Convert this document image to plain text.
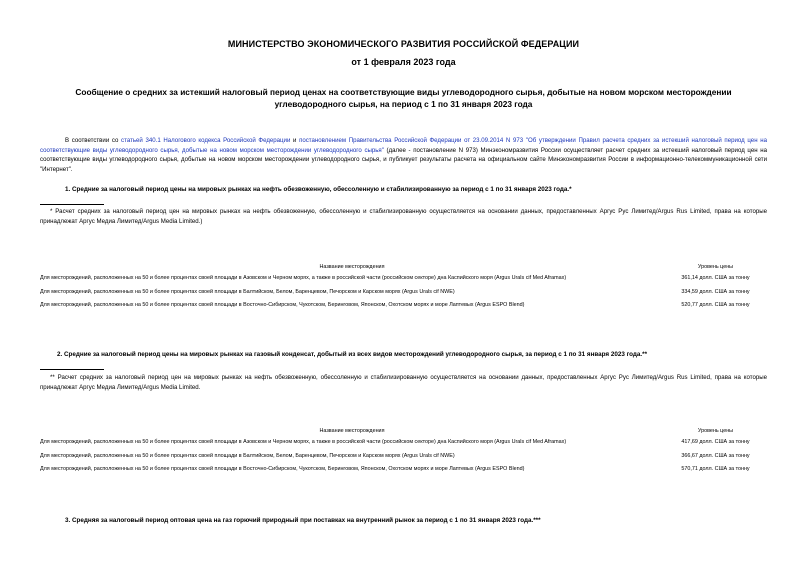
МИНИСТЕРСТВО ЭКОНОМИЧЕСКОГО РАЗВИТИЯ РОССИЙСКОЙ ФЕДЕРАЦИИ
от 1 февраля 2023 года
Сообщение о средних за истекший налоговый период ценах на соответствующие виды углеводородного сырья, добытые на новом морском месторождении углеводородного сырья, на период с 1 по 31 января 2023 года
В соответствии со статьей 340.1 Налогового кодекса Российской Федерации и постановлением Правительства Российской Федерации от 23.09.2014 N 973 "Об утверждении Правил расчета средних за истекший налоговый период цен на соответствующие виды углеводородного сырья, добытые на новом морском месторождении углеводородного сырья" (далее - постановление N 973) Минэкономразвития России осуществляет расчет средних за истекший налоговый период цен на соответствующие виды углеводородного сырья, добытые на новом морском месторождении углеводородного сырья, и публикует результаты расчета на официальном сайте Минэкономразвития России в информационно-телекоммуникационной сети "Интернет".
1. Средние за налоговый период цены на мировых рынках на нефть обезвоженную, обессоленную и стабилизированную за период с 1 по 31 января 2023 года.*
* Расчет средних за налоговый период цен на мировых рынках на нефть обезвоженную, обессоленную и стабилизированную осуществляется на основании данных, предоставленных Аргус Рус Лимитед/Argus Rus Limited, права на которые принадлежат Аргус Медиа Лимитед/Argus Media Limited.)
Название месторождения	Уровень цены
Для месторождений, расположенных на 50 и более процентах своей площади в Азовском и Черном морях, а также в российской части (российском секторе) дна Каспийского моря (Argus Urals cif Med Aframax)	361,14 долл. США за тонну
Для месторождений, расположенных на 50 и более процентах своей площади в Балтийском, Белом, Баренцевом, Печорском и Карском морях (Argus Urals cif NWE)	334,59 долл. США за тонну
Для месторождений, расположенных на 50 и более процентах своей площади в Восточно-Сибирском, Чукотском, Беринговом, Японском, Охотском морях и море Лаптевых (Argus ESPO Blend)	520,77 долл. США за тонну
2. Средние за налоговый период цены на мировых рынках на газовый конденсат, добытый из всех видов месторождений углеводородного сырья, за период с 1 по 31 января 2023 года.**
** Расчет средних за налоговый период цен на мировых рынках на нефть обезвоженную, обессоленную и стабилизированную осуществляется на основании данных, предоставленных Аргус Рус Лимитед/Argus Rus Limited, права на которые принадлежат Аргус Медиа Лимитед/Argus Media Limited.
Название месторождения	Уровень цены
Для месторождений, расположенных на 50 и более процентах своей площади в Азовском и Черном морях, а также в российской части (российском секторе) дна Каспийского моря (Argus Urals cif Med Aframax)	417,69 долл. США за тонну
Для месторождений, расположенных на 50 и более процентах своей площади в Балтийском, Белом, Баренцевом, Печорском и Карском морях (Argus Urals cif NWE)	366,67 долл. США за тонну
Для месторождений, расположенных на 50 и более процентах своей площади в Восточно-Сибирском, Чукотском, Беринговом, Японском, Охотском морях и море Лаптевых (Argus ESPO Blend)	570,71 долл. США за тонну
3. Средняя за налоговый период оптовая цена на газ горючий природный при поставках на внутренний рынок за период с 1 по 31 января 2023 года.***
